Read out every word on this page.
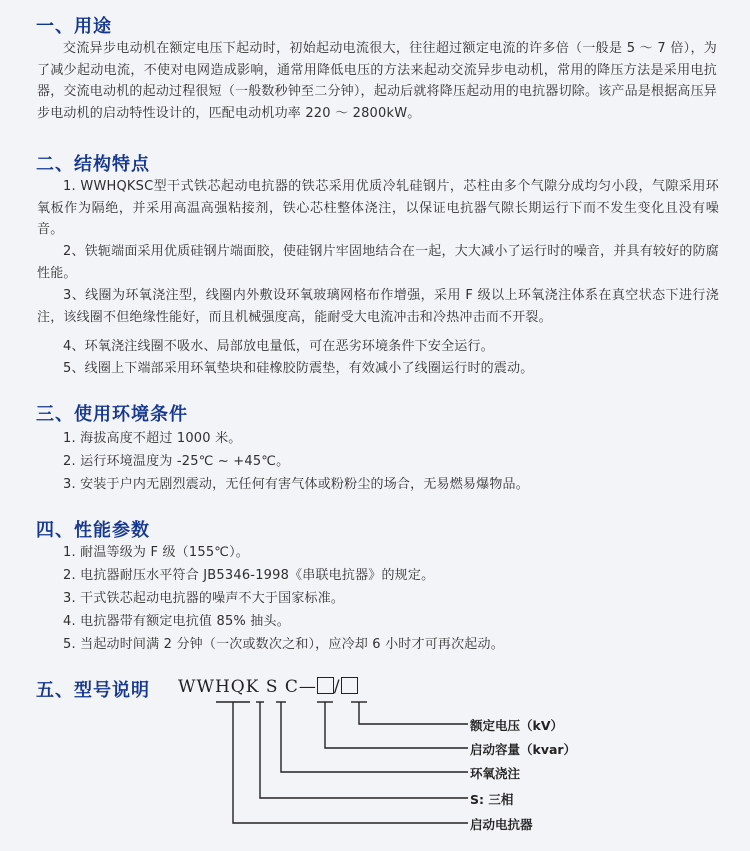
一、用途
交流异步电动机在额定电压下起动时，初始起动电流很大，往往超过额定电流的许多倍（一般是 5 ～ 7 倍），为了减少起动电流，不使对电网造成影响，通常用降低电压的方法来起动交流异步电动机，常用的降压方法是采用电抗器，交流电动机的起动过程很短（一般数秒钟至二分钟），起动后就将降压起动用的电抗器切除。该产品是根据高压异步电动机的启动特性设计的，匹配电动机功率 220 ～ 2800kW。
二、结构特点
1. WWHQKSC型干式铁芯起动电抗器的铁芯采用优质冷轧硅钢片，芯柱由多个气隙分成均匀小段，气隙采用环氧板作为隔绝，并采用高温高强粘接剂，铁心芯柱整体浇注，以保证电抗器气隙长期运行下而不发生变化且没有噪音。
2、铁轭端面采用优质硅钢片端面胶，使硅钢片牢固地结合在一起，大大减小了运行时的噪音，并具有较好的防腐性能。
3、线圈为环氧浇注型，线圈内外敷设环氧玻璃网格布作增强，采用 F 级以上环氧浇注体系在真空状态下进行浇注，该线圈不但绝缘性能好，而且机械强度高，能耐受大电流冲击和冷热冲击而不开裂。
4、环氧浇注线圈不吸水、局部放电量低，可在恶劣环境条件下安全运行。
5、线圈上下端部采用环氧垫块和硅橡胶防震垫，有效减小了线圈运行时的震动。
三、使用环境条件
1. 海拔高度不超过 1000 米。
2. 运行环境温度为 -25℃ ~ +45℃。
3. 安装于户内无剧烈震动，无任何有害气体或粉粉尘的场合，无易燃易爆物品。
四、性能参数
1. 耐温等级为 F 级（155℃）。
2. 电抗器耐压水平符合 JB5346-1998《串联电抗器》的规定。
3. 干式铁芯起动电抗器的噪声不大于国家标准。
4. 电抗器带有额定电抗值 85% 抽头。
5. 当起动时间满 2 分钟（一次或数次之和），应冷却 6 小时才可再次起动。
五、型号说明 WWHQK S C— /
额定电压（kV）
启动容量（kvar）
环氧浇注
S: 三相
启动电抗器
